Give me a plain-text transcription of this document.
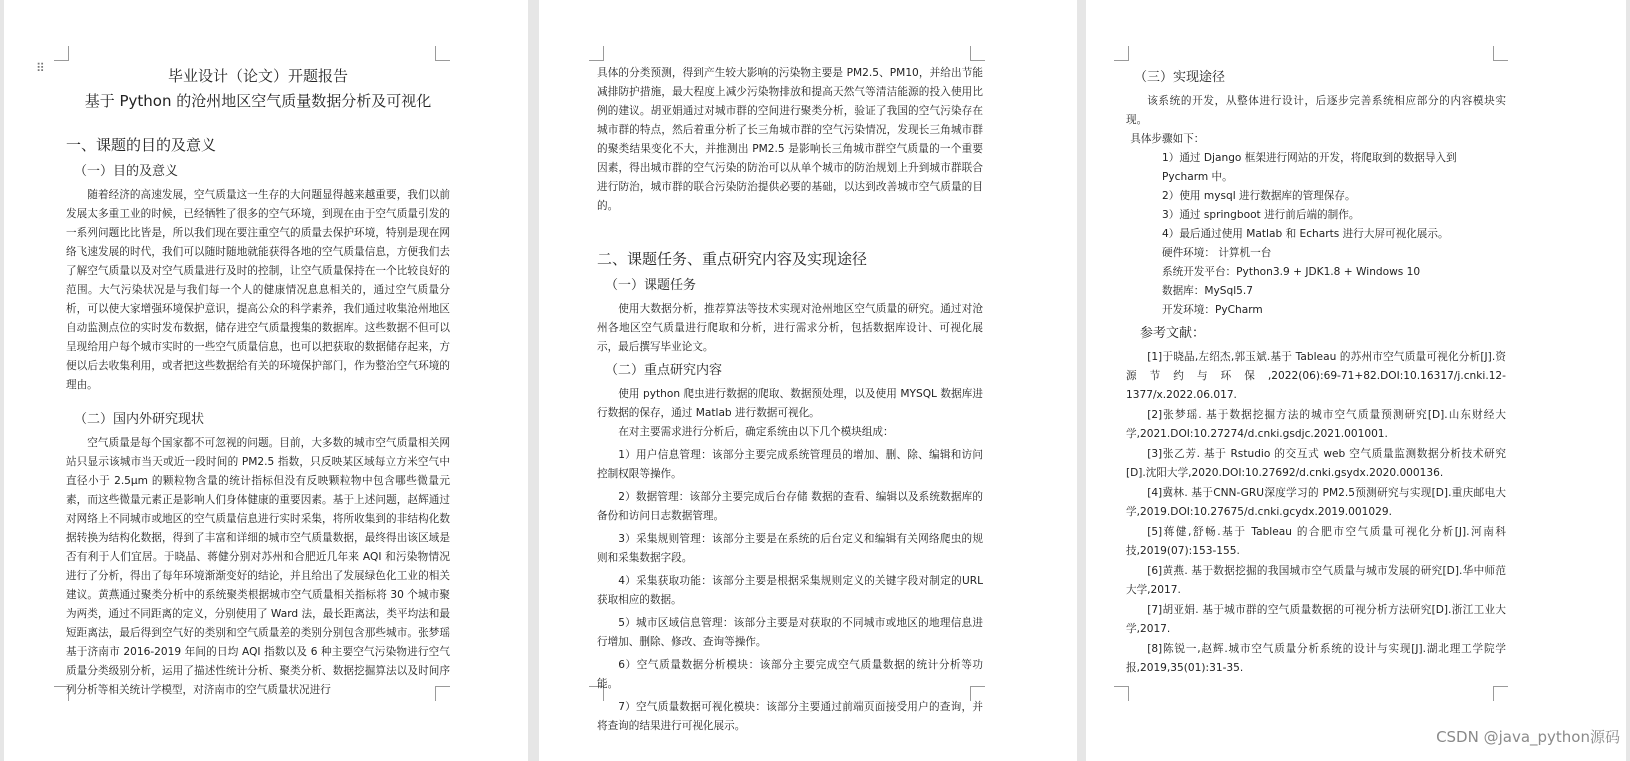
⠿	毕业设计（论文）开题报告

基于 Python 的沧州地区空气质量数据分析及可视化

一、课题的目的及意义

（一）目的及意义

随着经济的高速发展，空气质量这一生存的大问题显得越来越重要，我们以前发展太多重工业的时候，已经牺牲了很多的空气环境，到现在由于空气质量引发的一系列问题比比皆是，所以我们现在要注重空气的质量去保护环境，特别是现在网络飞速发展的时代，我们可以随时随地就能获得各地的空气质量信息，方便我们去了解空气质量以及对空气质量进行及时的控制，让空气质量保持在一个比较良好的范围。大气污染状况是与我们每一个人的健康情况息息相关的，通过空气质量分析，可以使大家增强环境保护意识，提高公众的科学素养，我们通过收集沧州地区自动监测点位的实时发布数据，储存进空气质量搜集的数据库。这些数据不但可以呈现给用户每个城市实时的一些空气质量信息，也可以把获取的数据储存起来，方便以后去收集利用，或者把这些数据给有关的环境保护部门，作为整治空气环境的理由。

（二）国内外研究现状

空气质量是每个国家都不可忽视的问题。目前，大多数的城市空气质量相关网站只显示该城市当天或近一段时间的 PM2.5 指数，只反映某区域每立方米空气中直径小于 2.5μm 的颗粒物含量的统计指标但没有反映颗粒物中包含哪些微量元素，而这些微量元素正是影响人们身体健康的重要因素。基于上述问题，赵辉通过对网络上不同城市或地区的空气质量信息进行实时采集，将所收集到的非结构化数据转换为结构化数据，得到了丰富和详细的城市空气质量数据，最终得出该区域是否有利于人们宜居。于晓晶、蒋健分别对苏州和合肥近几年来 AQI 和污染物情况进行了分析，得出了每年环境渐渐变好的结论，并且给出了发展绿色化工业的相关建议。黄燕通过聚类分析中的系统聚类根据城市空气质量相关指标将 30 个城市聚为两类，通过不同距离的定义，分别使用了 Ward 法，最长距离法，类平均法和最短距离法，最后得到空气好的类别和空气质量差的类别分别包含那些城市。张梦瑶基于济南市 2016-2019 年间的日均 AQI 指数以及 6 种主要空气污染物进行空气质量分类级别分析，运用了描述性统计分析、聚类分析、数据挖掘算法以及时间序列分析等相关统计学模型，对济南市的空气质量状况进行

具体的分类预测，得到产生较大影响的污染物主要是 PM2.5、PM10，并给出节能减排防护措施，最大程度上减少污染物排放和提高天然气等清洁能源的投入使用比例的建议。胡亚娟通过对城市群的空间进行聚类分析，验证了我国的空气污染存在城市群的特点，然后着重分析了长三角城市群的空气污染情况，发现长三角城市群的聚类结果变化不大，并推测出 PM2.5 是影响长三角城市群空气质量的一个重要因素，得出城市群的空气污染的防治可以从单个城市的防治规划上升到城市群联合进行防治，城市群的联合污染防治提供必要的基础，以达到改善城市空气质量的目的。

二、课题任务、重点研究内容及实现途径

（一）课题任务

使用大数据分析，推荐算法等技术实现对沧州地区空气质量的研究。通过对沧州各地区空气质量进行爬取和分析，进行需求分析，包括数据库设计、可视化展示，最后撰写毕业论文。

（二）重点研究内容

使用 python 爬虫进行数据的爬取、数据预处理，以及使用 MYSQL 数据库进行数据的保存，通过 Matlab 进行数据可视化。

在对主要需求进行分析后，确定系统由以下几个模块组成：

1）用户信息管理：该部分主要完成系统管理员的增加、删、除、编辑和访问控制权限等操作。

2）数据管理：该部分主要完成后台存储 数据的查看、编辑以及系统数据库的备份和访问日志数据管理。

3）采集规则管理：该部分主要是在系统的后台定义和编辑有关网络爬虫的规则和采集数据字段。

4）采集获取功能：该部分主要是根据采集规则定义的关键字段对制定的URL 获取相应的数据。

5）城市区域信息管理：该部分主要是对获取的不同城市或地区的地理信息进行增加、删除、修改、查询等操作。

6）空气质量数据分析模块：该部分主要完成空气质量数据的统计分析等功能。

7）空气质量数据可视化模块：该部分主要通过前端页面接受用户的查询，并将查询的结果进行可视化展示。

（三）实现途径

该系统的开发，从整体进行设计，后逐步完善系统相应部分的内容模块实现。

具体步骤如下：

1）通过 Django 框架进行网站的开发，将爬取到的数据导入到 Pycharm 中。

2）使用 mysql 进行数据库的管理保存。

3）通过 springboot 进行前后端的制作。

4）最后通过使用 Matlab 和 Echarts 进行大屏可视化展示。

硬件环境： 计算机一台

系统开发平台：Python3.9 + JDK1.8 + Windows 10

数据库：MySql5.7

开发环境：PyCharm

参考文献：

[1]于晓晶,左绍杰,郭玉斌.基于 Tableau 的苏州市空气质量可视化分析[J].资源节约与环保,2022(06):69-71+82.DOI:10.16317/j.cnki.12-1377/x.2022.06.017.

[2]张梦瑶. 基于数据挖掘方法的城市空气质量预测研究[D].山东财经大学,2021.DOI:10.27274/d.cnki.gsdjc.2021.001001.

[3]张乙芳. 基于 Rstudio 的交互式 web 空气质量监测数据分析技术研究[D].沈阳大学,2020.DOI:10.27692/d.cnki.gsydx.2020.000136.

[4]冀林. 基于CNN-GRU深度学习的 PM2.5预测研究与实现[D].重庆邮电大学,2019.DOI:10.27675/d.cnki.gcydx.2019.001029.

[5]蒋健,舒畅.基于 Tableau 的合肥市空气质量可视化分析[J].河南科技,2019(07):153-155.

[6]黄燕. 基于数据挖掘的我国城市空气质量与城市发展的研究[D].华中师范大学,2017.

[7]胡亚娟. 基于城市群的空气质量数据的可视分析方法研究[D].浙江工业大学,2017.

[8]陈锐一,赵辉.城市空气质量分析系统的设计与实现[J].湖北理工学院学报,2019,35(01):31-35.

CSDN @java_python源码
